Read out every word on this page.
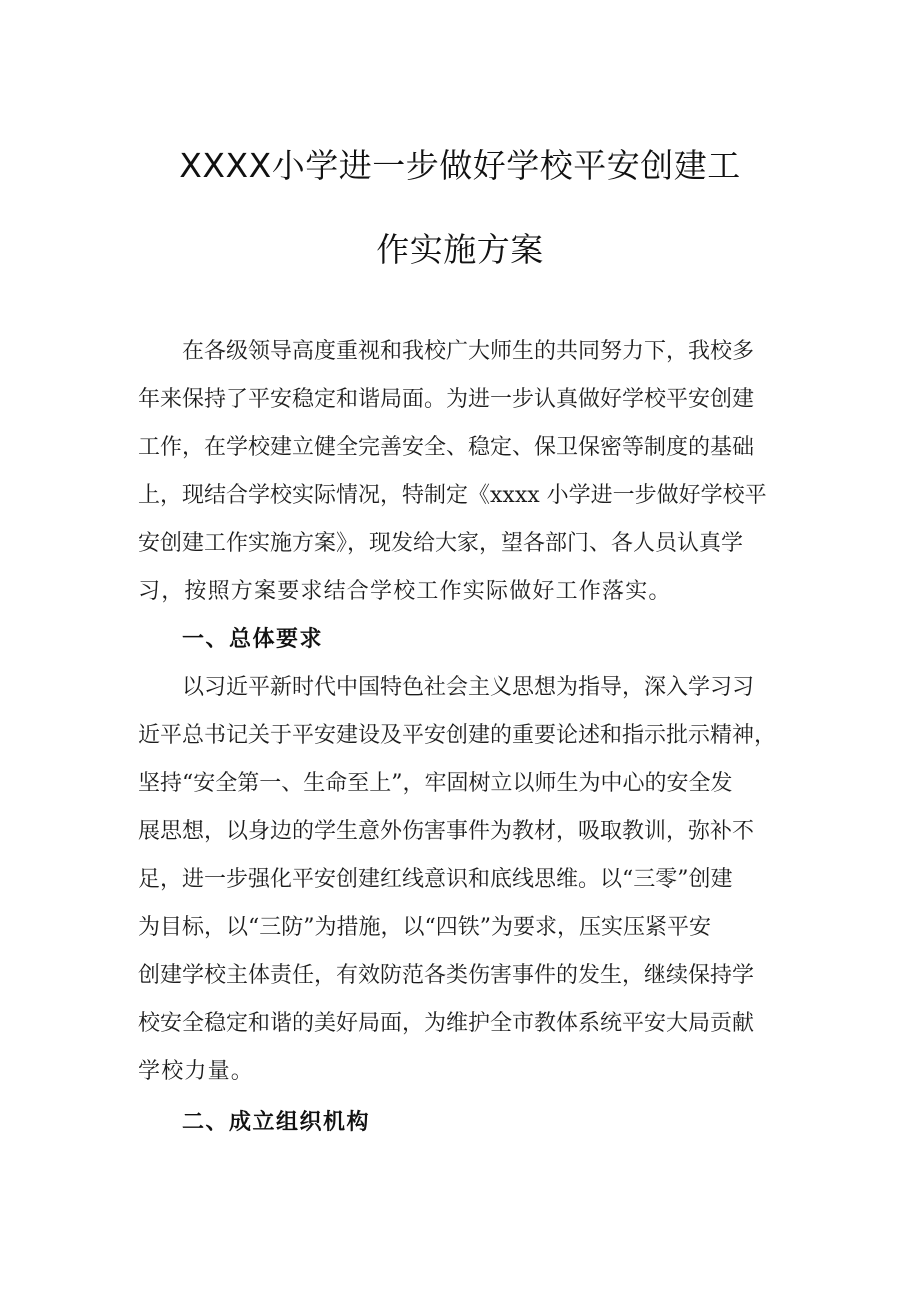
XXXX小学进一步做好学校平安创建工
作实施方案
在各级领导高度重视和我校广大师生的共同努力下，我校多
年来保持了平安稳定和谐局面。为进一步认真做好学校平安创建
工作，在学校建立健全完善安全、稳定、保卫保密等制度的基础
上，现结合学校实际情况，特制定《xxxx 小学进一步做好学校平
安创建工作实施方案》，现发给大家，望各部门、各人员认真学
习，按照方案要求结合学校工作实际做好工作落实。
一、总体要求
以习近平新时代中国特色社会主义思想为指导，深入学习习
近平总书记关于平安建设及平安创建的重要论述和指示批示精神，
坚持“安全第一、生命至上”，牢固树立以师生为中心的安全发
展思想，以身边的学生意外伤害事件为教材，吸取教训，弥补不
足，进一步强化平安创建红线意识和底线思维。以“三零”创建
为目标，以“三防”为措施，以“四铁”为要求，压实压紧平安
创建学校主体责任，有效防范各类伤害事件的发生，继续保持学
校安全稳定和谐的美好局面，为维护全市教体系统平安大局贡献
学校力量。
二、成立组织机构
